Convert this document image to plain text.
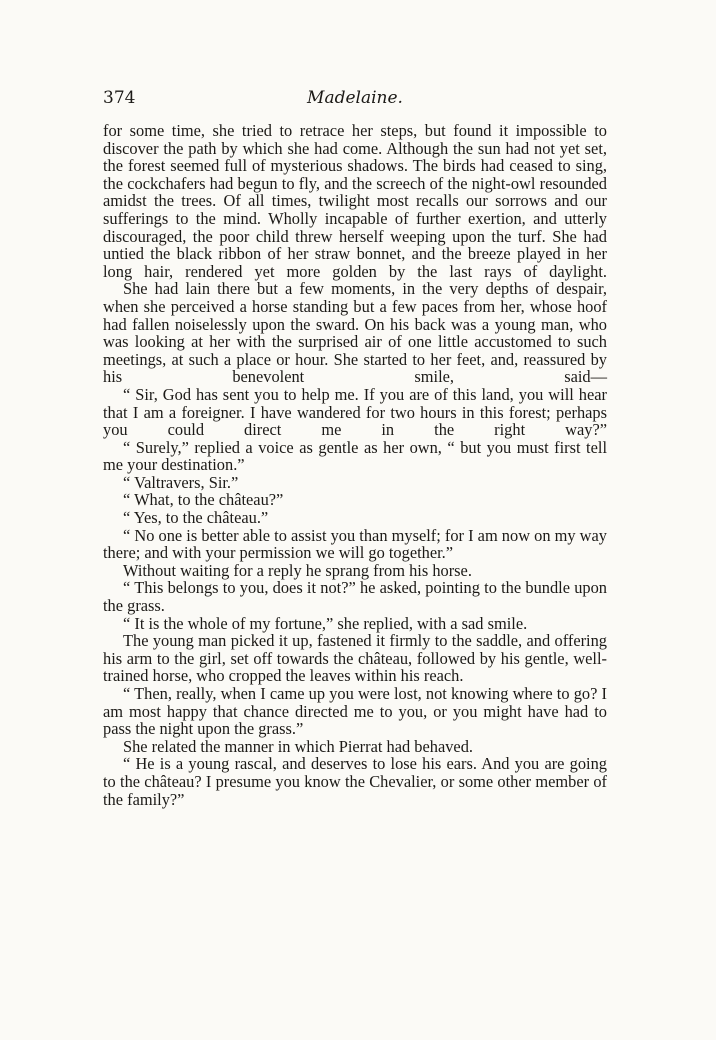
374	Madelaine.

for some time, she tried to retrace her steps, but found it impossible to discover the path by which she had come. Although the sun had not yet set, the forest seemed full of mysterious shadows. The birds had ceased to sing, the cockchafers had begun to fly, and the screech of the night-owl resounded amidst the trees. Of all times, twilight most recalls our sorrows and our sufferings to the mind. Wholly incapable of further exertion, and utterly discouraged, the poor child threw herself weeping upon the turf. She had untied the black ribbon of her straw bonnet, and the breeze played in her long hair, rendered yet more golden by the last rays of daylight.

She had lain there but a few moments, in the very depths of despair, when she perceived a horse standing but a few paces from her, whose hoof had fallen noiselessly upon the sward. On his back was a young man, who was looking at her with the surprised air of one little accustomed to such meetings, at such a place or hour. She started to her feet, and, reassured by his benevolent smile, said—

“ Sir, God has sent you to help me. If you are of this land, you will hear that I am a foreigner. I have wandered for two hours in this forest; perhaps you could direct me in the right way?”

“ Surely,” replied a voice as gentle as her own, “ but you must first tell me your destination.”

“ Valtravers, Sir.”

“ What, to the château?”

“ Yes, to the château.”

“ No one is better able to assist you than myself; for I am now on my way there; and with your permission we will go together.”

Without waiting for a reply he sprang from his horse.

“ This belongs to you, does it not?” he asked, pointing to the bundle upon the grass.

“ It is the whole of my fortune,” she replied, with a sad smile.

The young man picked it up, fastened it firmly to the saddle, and offering his arm to the girl, set off towards the château, followed by his gentle, well-trained horse, who cropped the leaves within his reach.

“ Then, really, when I came up you were lost, not knowing where to go? I am most happy that chance directed me to you, or you might have had to pass the night upon the grass.”

She related the manner in which Pierrat had behaved.

“ He is a young rascal, and deserves to lose his ears. And you are going to the château? I presume you know the Chevalier, or some other member of the family?”
